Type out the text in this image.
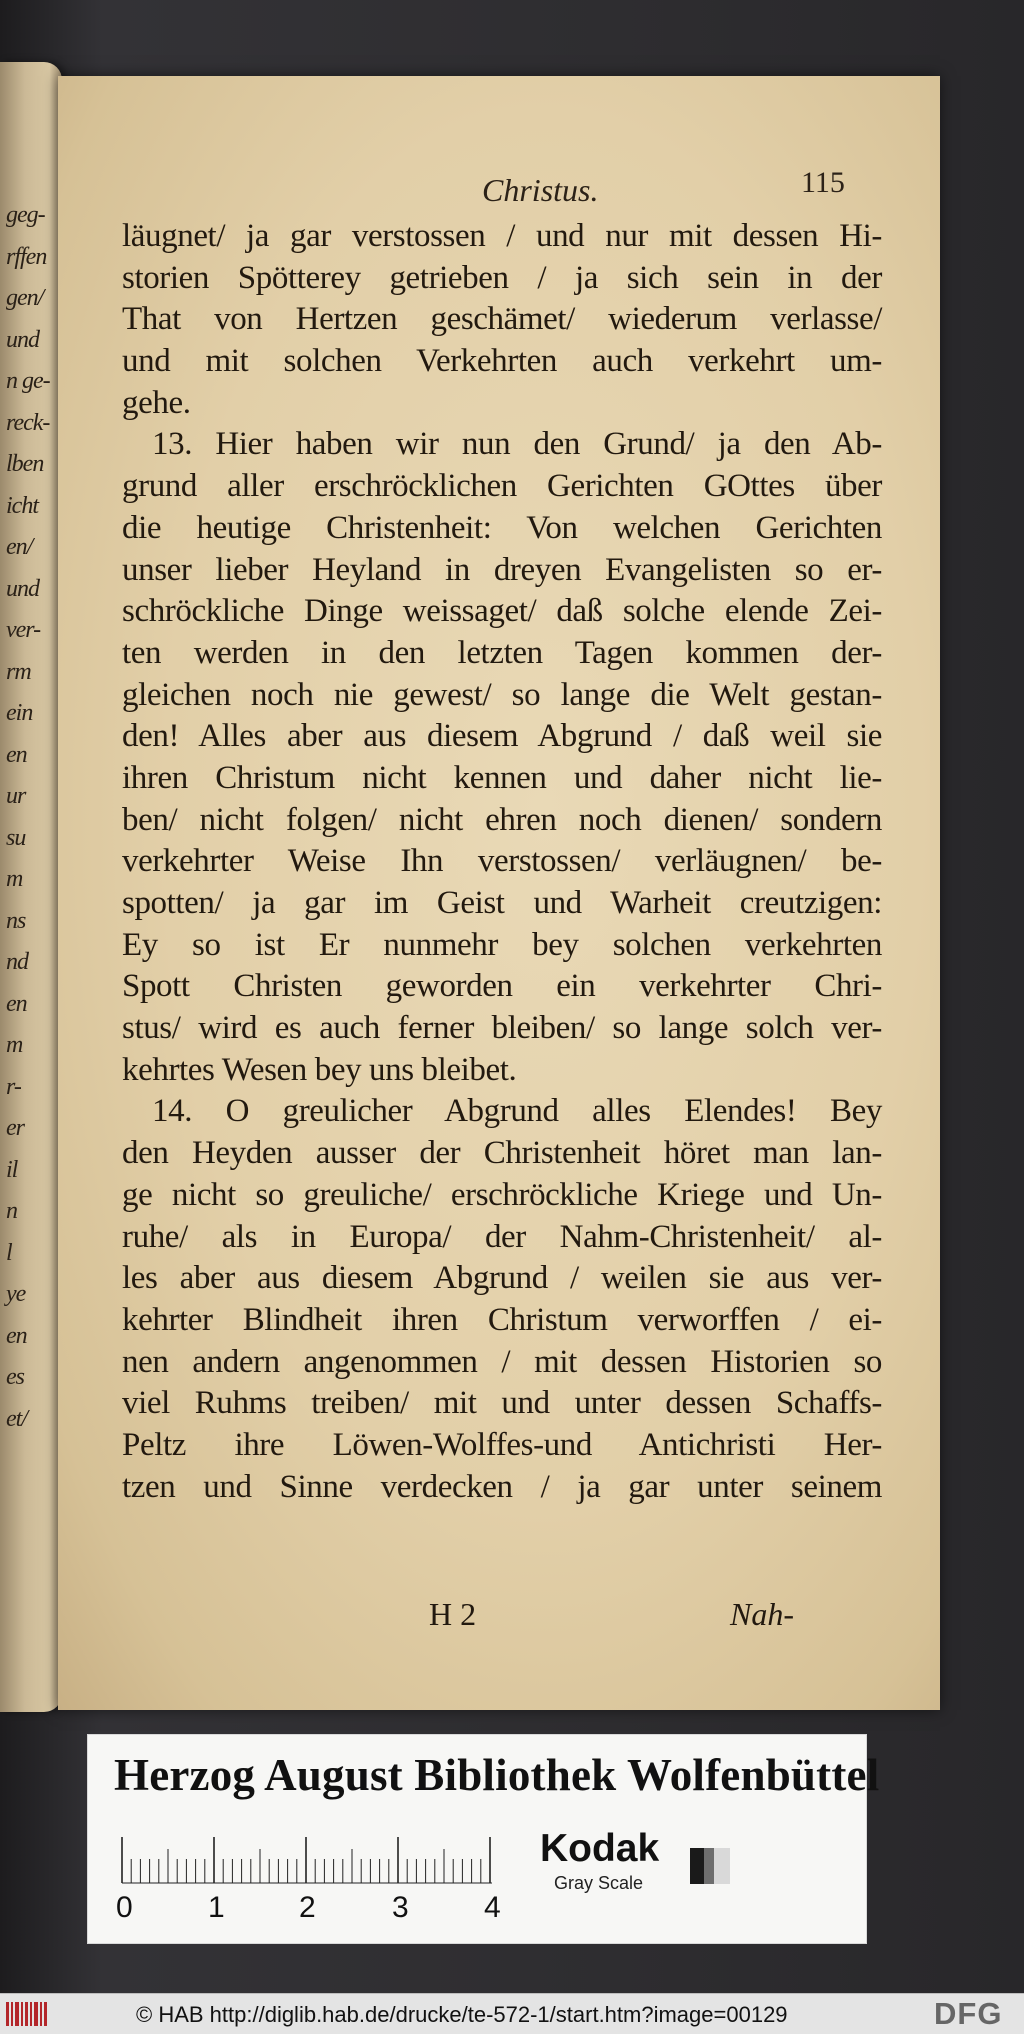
geg-
rffen
gen/
und
n ge-
reck-
lben
icht
en/
und
ver-
rm
ein
en
ur
su
m
ns
nd
en
m
r-
er
il
n
l
ye
en
es
et/
Christus.	115
läugnet/ ja gar verstossen / und nur mit dessen Hi-
storien Spötterey getrieben / ja sich sein in der
That von Hertzen geschämet/ wiederum verlasse/
und mit solchen Verkehrten auch verkehrt um-
gehe.
13. Hier haben wir nun den Grund/ ja den Ab-
grund aller erschröcklichen Gerichten GOttes über
die heutige Christenheit: Von welchen Gerichten
unser lieber Heyland in dreyen Evangelisten so er-
schröckliche Dinge weissaget/ daß solche elende Zei-
ten werden in den letzten Tagen kommen der-
gleichen noch nie gewest/ so lange die Welt gestan-
den! Alles aber aus diesem Abgrund / daß weil sie
ihren Christum nicht kennen und daher nicht lie-
ben/ nicht folgen/ nicht ehren noch dienen/ sondern
verkehrter Weise Ihn verstossen/ verläugnen/ be-
spotten/ ja gar im Geist und Warheit creutzigen:
Ey so ist Er nunmehr bey solchen verkehrten
Spott Christen geworden ein verkehrter Chri-
stus/ wird es auch ferner bleiben/ so lange solch ver-
kehrtes Wesen bey uns bleibet.
14. O greulicher Abgrund alles Elendes! Bey
den Heyden ausser der Christenheit höret man lan-
ge nicht so greuliche/ erschröckliche Kriege und Un-
ruhe/ als in Europa/ der Nahm-Christenheit/ al-
les aber aus diesem Abgrund / weilen sie aus ver-
kehrter Blindheit ihren Christum verworffen / ei-
nen andern angenommen / mit dessen Historien so
viel Ruhms treiben/ mit und unter dessen Schaffs-
Peltz ihre Löwen-Wolffes-und Antichristi Her-
tzen und Sinne verdecken / ja gar unter seinem
H 2	Nah-
Herzog August Bibliothek Wolfenbüttel
0	1 2	3	4
Kodak
Gray Scale
© HAB http://diglib.hab.de/drucke/te-572-1/start.htm?image=00129	DFG
